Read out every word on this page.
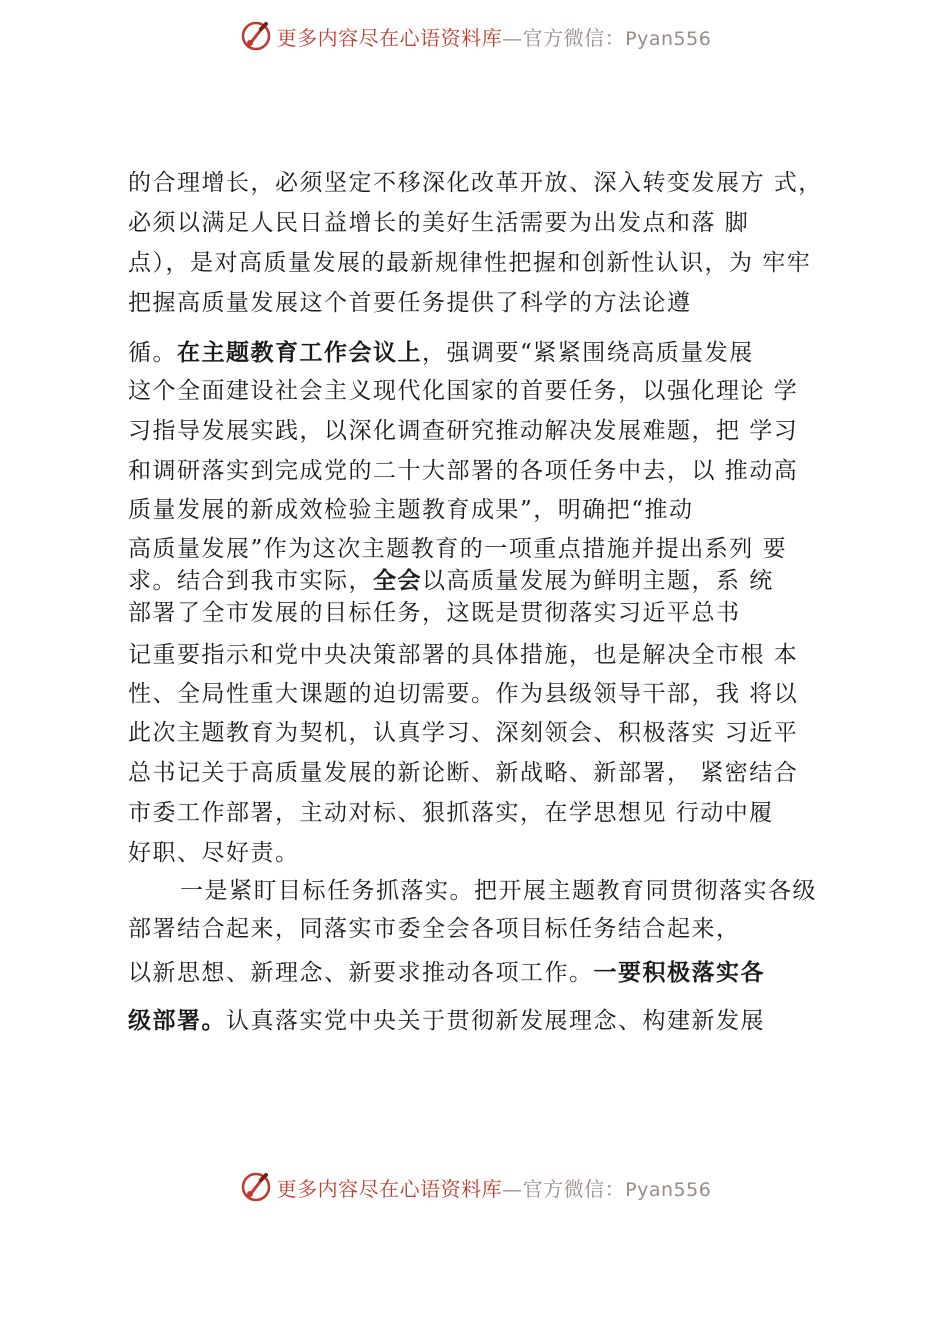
更多内容尽在心语资料库—官方微信：Pyan556
的合理增长，必须坚定不移深化改革开放、深入转变发展方 式，
必须以满足人民日益增长的美好生活需要为出发点和落 脚
点），是对高质量发展的最新规律性把握和创新性认识，为 牢牢
把握高质量发展这个首要任务提供了科学的方法论遵
循。在主题教育工作会议上，强调要“紧紧围绕高质量发展
这个全面建设社会主义现代化国家的首要任务，以强化理论 学
习指导发展实践，以深化调查研究推动解决发展难题，把 学习
和调研落实到完成党的二十大部署的各项任务中去，以 推动高
质量发展的新成效检验主题教育成果”，明确把“推动
高质量发展”作为这次主题教育的一项重点措施并提出系列 要
求。结合到我市实际，全会以高质量发展为鲜明主题，系 统
部署了全市发展的目标任务，这既是贯彻落实习近平总书
记重要指示和党中央决策部署的具体措施，也是解决全市根 本
性、全局性重大课题的迫切需要。作为县级领导干部，我 将以
此次主题教育为契机，认真学习、深刻领会、积极落实 习近平
总书记关于高质量发展的新论断、新战略、新部署， 紧密结合
市委工作部署，主动对标、狠抓落实，在学思想见 行动中履
好职、尽好责。
一是紧盯目标任务抓落实。把开展主题教育同贯彻落实各级
部署结合起来，同落实市委全会各项目标任务结合起来，
以新思想、新理念、新要求推动各项工作。一要积极落实各
级部署。认真落实党中央关于贯彻新发展理念、构建新发展
更多内容尽在心语资料库—官方微信：Pyan556
